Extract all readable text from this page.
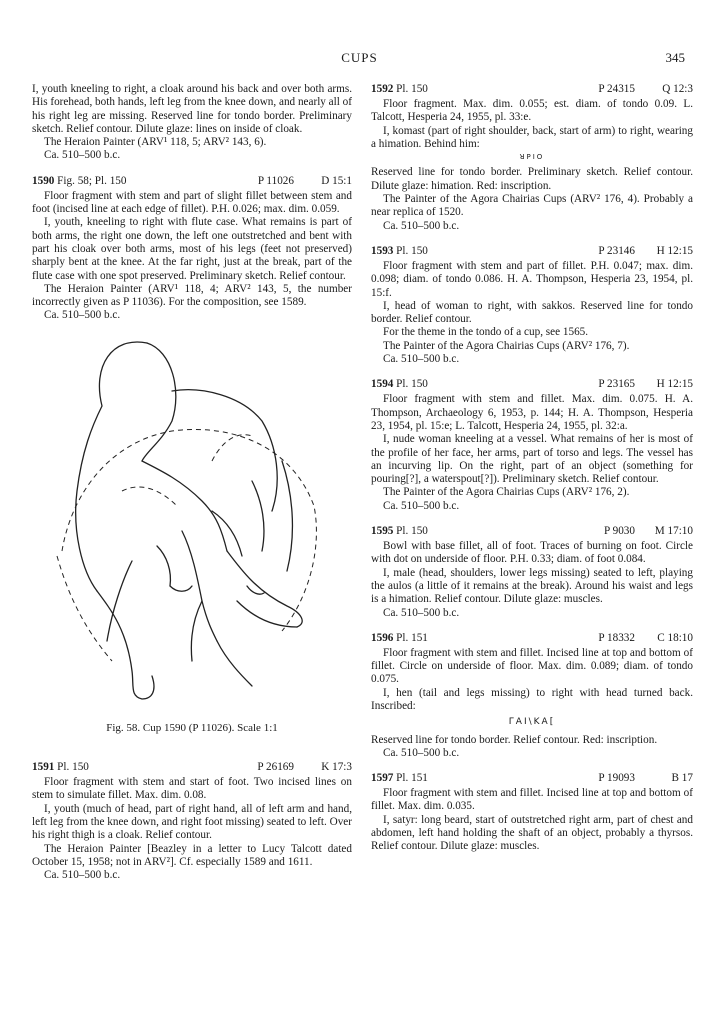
CUPS	345

I, youth kneeling to right, a cloak around his back and over both arms. His forehead, both hands, left leg from the knee down, and nearly all of his right leg are missing. Reserved line for tondo border. Preliminary sketch. Relief contour. Dilute glaze: lines on inside of cloak.

The Heraion Painter (ARV¹ 118, 5; ARV² 143, 6).

Ca. 510–500 b.c.

1590 Fig. 58; Pl. 150	P 11026 D 15:1

Floor fragment with stem and part of slight fillet between stem and foot (incised line at each edge of fillet). P.H. 0.026; max. dim. 0.059.

I, youth, kneeling to right with flute case. What remains is part of both arms, the right one down, the left one outstretched and bent with part his cloak over both arms, most of his legs (feet not preserved) sharply bent at the knee. At the far right, just at the break, part of the flute case with one spot preserved. Preliminary sketch. Relief contour.

The Heraion Painter (ARV¹ 118, 4; ARV² 143, 5, the number incorrectly given as P 11036). For the composition, see 1589.

Ca. 510–500 b.c.

Fig. 58. Cup 1590 (P 11026). Scale 1:1
1591 Pl. 150	P 26169 K 17:3

Floor fragment with stem and start of foot. Two incised lines on stem to simulate fillet. Max. dim. 0.08.

I, youth (much of head, part of right hand, all of left arm and hand, left leg from the knee down, and right foot missing) seated to left. Over his right thigh is a cloak. Relief contour.

The Heraion Painter [Beazley in a letter to Lucy Talcott dated October 15, 1958; not in ARV²]. Cf. especially 1589 and 1611.

Ca. 510–500 b.c.

1592 Pl. 150	P 24315 Q 12:3

Floor fragment. Max. dim. 0.055; est. diam. of tondo 0.09. L. Talcott, Hesperia 24, 1955, pl. 33:e.

I, komast (part of right shoulder, back, start of arm) to right, wearing a himation. Behind him:

ꓤΡΙΟ

Reserved line for tondo border. Preliminary sketch. Relief contour. Dilute glaze: himation. Red: inscription.

The Painter of the Agora Chairias Cups (ARV² 176, 4). Probably a near replica of 1520.

Ca. 510–500 b.c.

1593 Pl. 150	P 23146 H 12:15

Floor fragment with stem and part of fillet. P.H. 0.047; max. dim. 0.098; diam. of tondo 0.086. H. A. Thompson, Hesperia 23, 1954, pl. 15:f.

I, head of woman to right, with sakkos. Reserved line for tondo border. Relief contour.

For the theme in the tondo of a cup, see 1565.

The Painter of the Agora Chairias Cups (ARV² 176, 7).

Ca. 510–500 b.c.

1594 Pl. 150	P 23165 H 12:15

Floor fragment with stem and fillet. Max. dim. 0.075. H. A. Thompson, Archaeology 6, 1953, p. 144; H. A. Thompson, Hesperia 23, 1954, pl. 15:e; L. Talcott, Hesperia 24, 1955, pl. 32:a.

I, nude woman kneeling at a vessel. What remains of her is most of the profile of her face, her arms, part of torso and legs. The vessel has an incurving lip. On the right, part of an object (something for pouring[?], a waterspout[?]). Preliminary sketch. Relief contour.

The Painter of the Agora Chairias Cups (ARV² 176, 2).

Ca. 510–500 b.c.

1595 Pl. 150	P 9030 M 17:10

Bowl with base fillet, all of foot. Traces of burning on foot. Circle with dot on underside of floor. P.H. 0.33; diam. of foot 0.084.

I, male (head, shoulders, lower legs missing) seated to left, playing the aulos (a little of it remains at the break). Around his waist and legs is a himation. Relief contour. Dilute glaze: muscles.

Ca. 510–500 b.c.

1596 Pl. 151	P 18332 C 18:10

Floor fragment with stem and fillet. Incised line at top and bottom of fillet. Circle on underside of floor. Max. dim. 0.089; diam. of tondo 0.075.

I, hen (tail and legs missing) to right with head turned back. Inscribed:

ΓΑΙ\ΚΑ[

Reserved line for tondo border. Relief contour. Red: inscription.

Ca. 510–500 b.c.

1597 Pl. 151	P 19093	B 17

Floor fragment with stem and fillet. Incised line at top and bottom of fillet. Max. dim. 0.035.

I, satyr: long beard, start of outstretched right arm, part of chest and abdomen, left hand holding the shaft of an object, probably a thyrsos. Relief contour. Dilute glaze: muscles.
